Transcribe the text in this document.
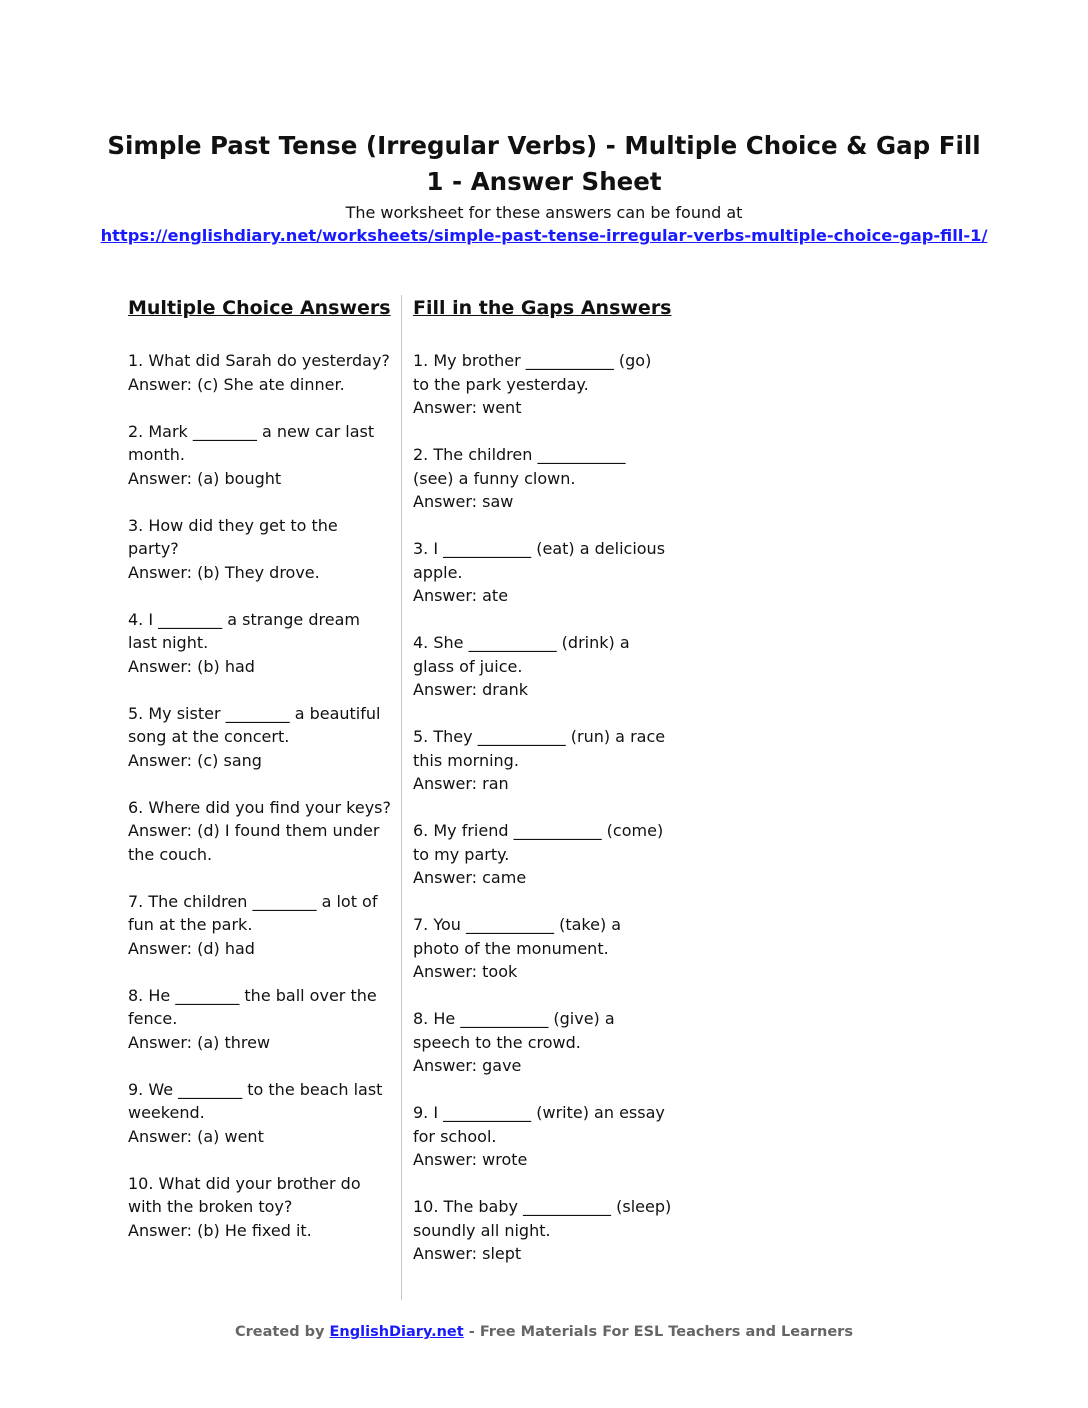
Simple Past Tense (Irregular Verbs) - Multiple Choice & Gap Fill 1 - Answer Sheet
The worksheet for these answers can be found at
https://englishdiary.net/worksheets/simple-past-tense-irregular-verbs-multiple-choice-gap-fill-1/
Multiple Choice Answers
1. What did Sarah do yesterday?
Answer: (c) She ate dinner.
2. Mark ________ a new car last
month.
Answer: (a) bought
3. How did they get to the
party?
Answer: (b) They drove.
4. I ________ a strange dream
last night.
Answer: (b) had
5. My sister ________ a beautiful
song at the concert.
Answer: (c) sang
6. Where did you find your keys?
Answer: (d) I found them under
the couch.
7. The children ________ a lot of
fun at the park.
Answer: (d) had
8. He ________ the ball over the
fence.
Answer: (a) threw
9. We ________ to the beach last
weekend.
Answer: (a) went
10. What did your brother do
with the broken toy?
Answer: (b) He fixed it.
Fill in the Gaps Answers
1. My brother ___________ (go)
to the park yesterday.
Answer: went
2. The children ___________
(see) a funny clown.
Answer: saw
3. I ___________ (eat) a delicious
apple.
Answer: ate
4. She ___________ (drink) a
glass of juice.
Answer: drank
5. They ___________ (run) a race
this morning.
Answer: ran
6. My friend ___________ (come)
to my party.
Answer: came
7. You ___________ (take) a
photo of the monument.
Answer: took
8. He ___________ (give) a
speech to the crowd.
Answer: gave
9. I ___________ (write) an essay
for school.
Answer: wrote
10. The baby ___________ (sleep)
soundly all night.
Answer: slept
Created by EnglishDiary.net - Free Materials For ESL Teachers and Learners
